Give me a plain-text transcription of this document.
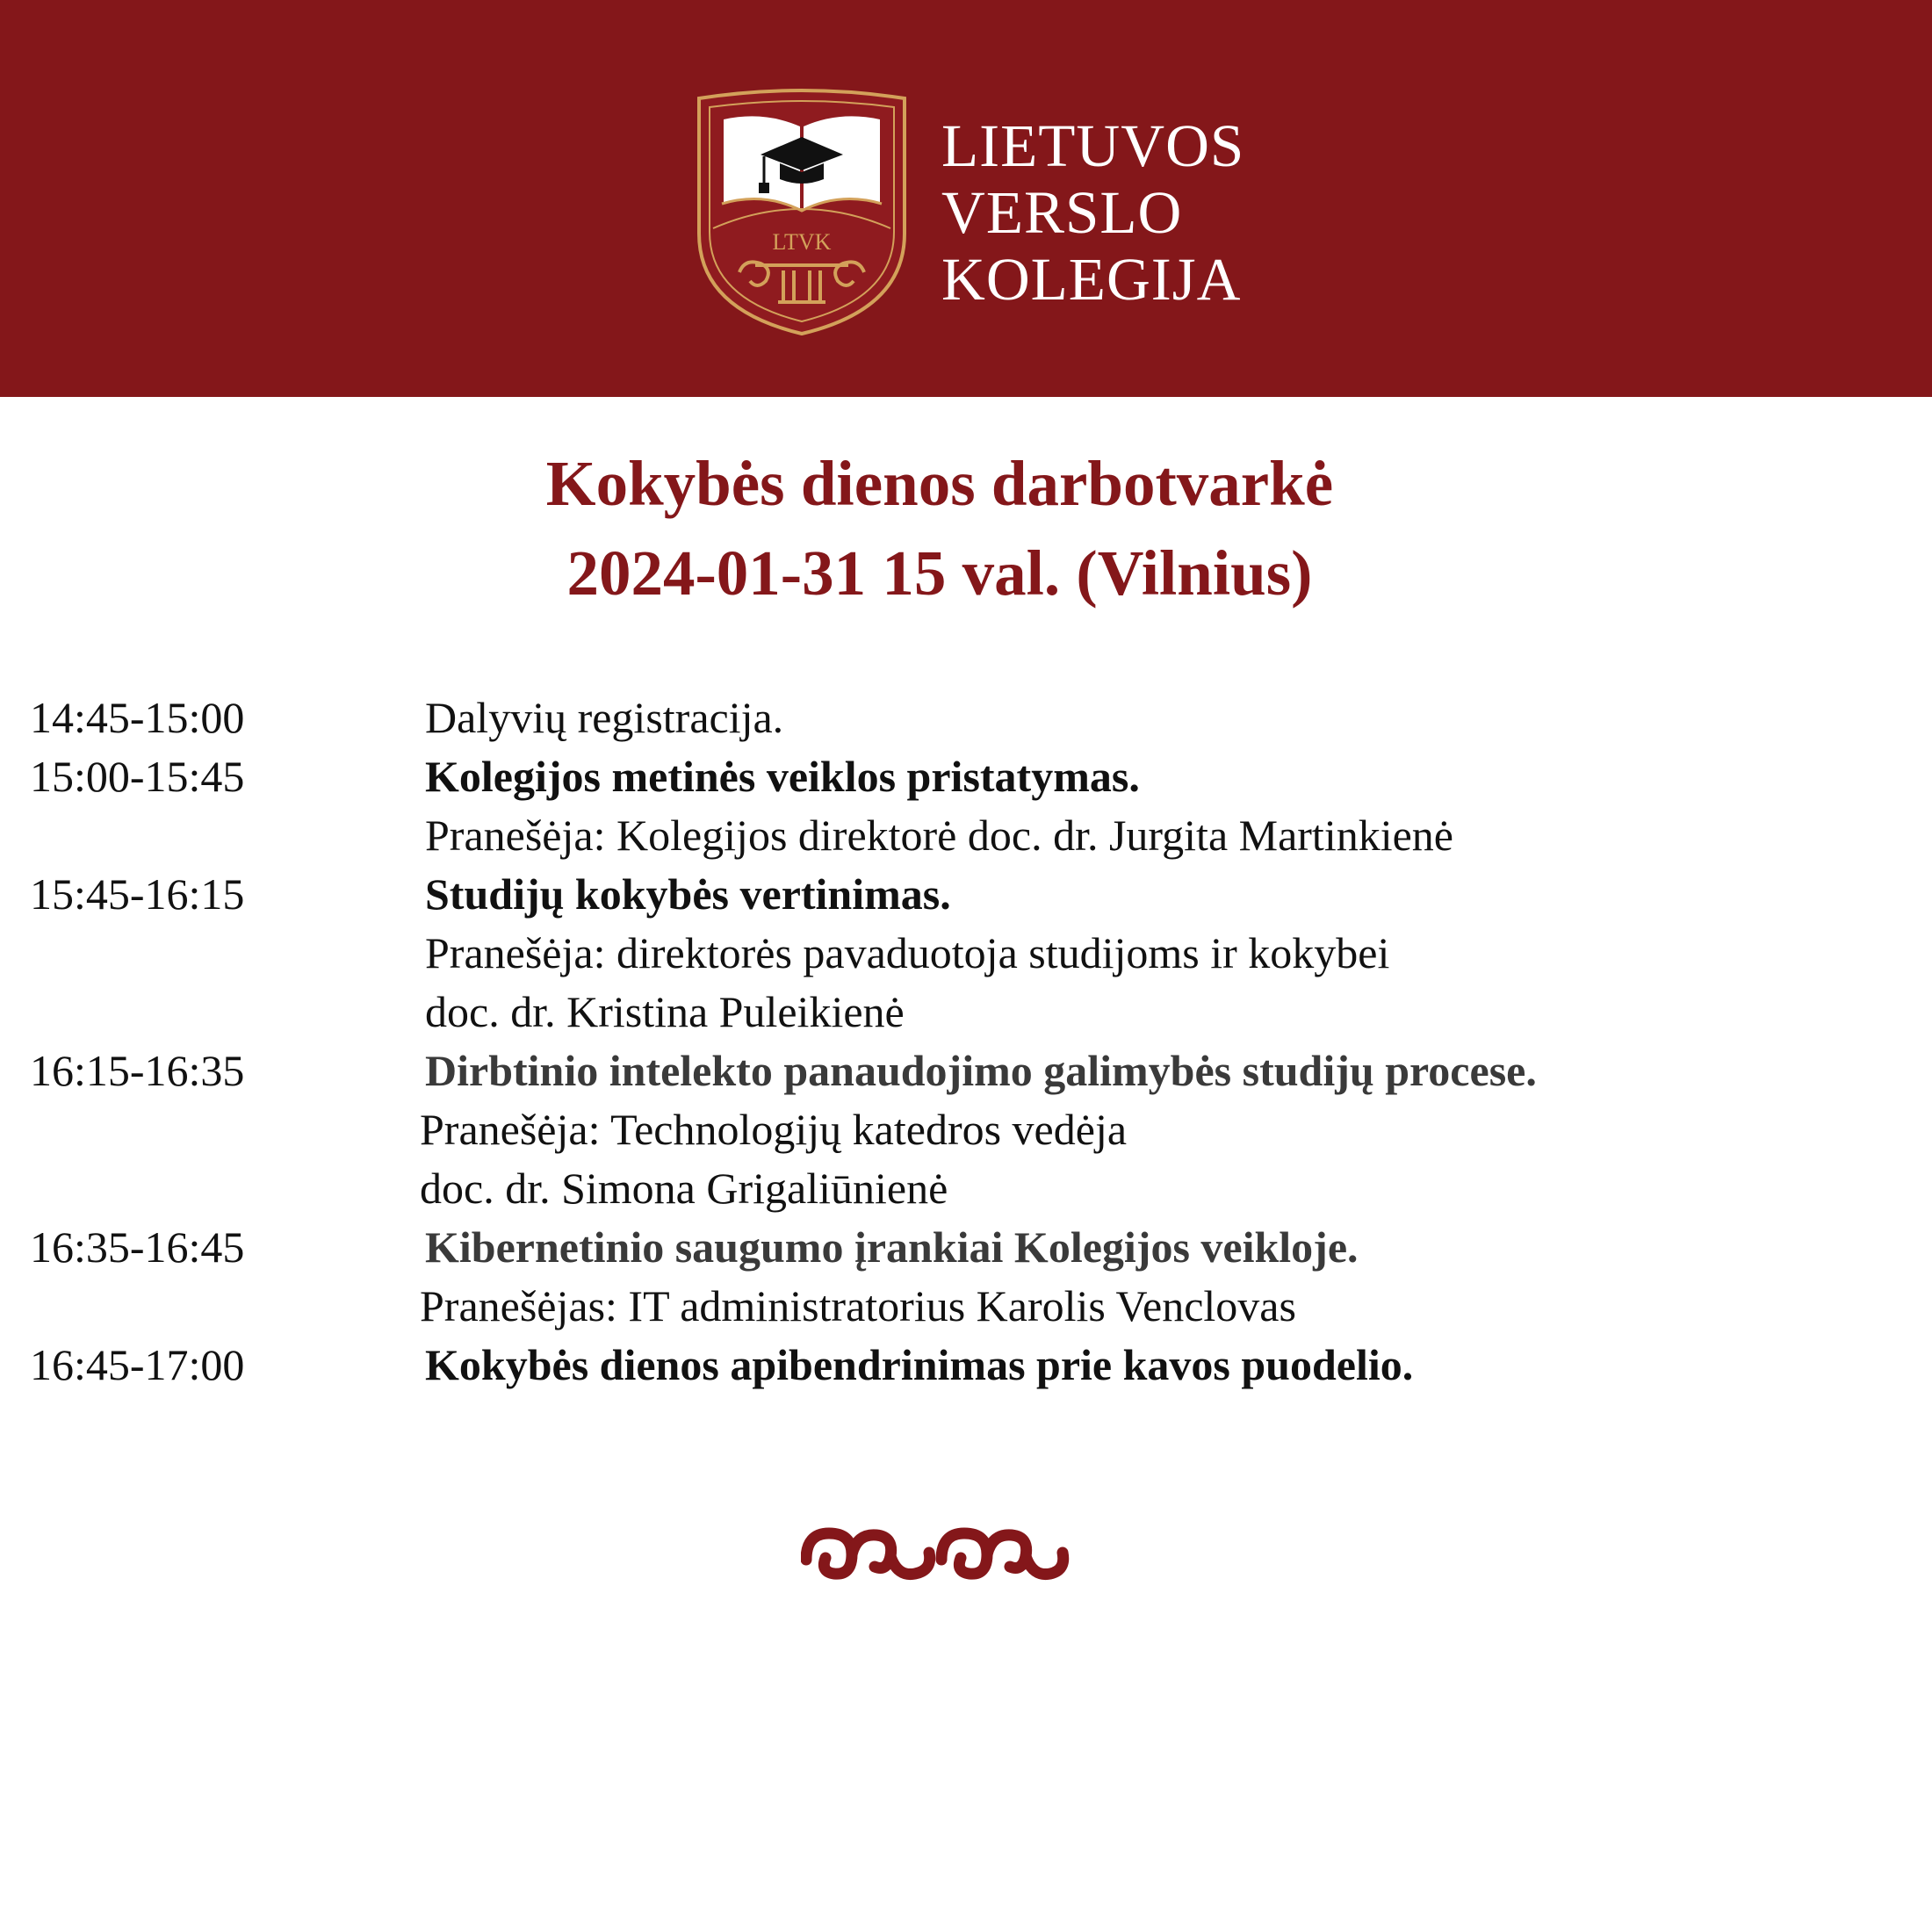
LTVK
LIETUVOS
VERSLO
KOLEGIJA
Kokybės dienos darbotvarkė
2024-01-31 15 val. (Vilnius)
14:45-15:00	Dalyvių registracija.
15:00-15:45	Kolegijos metinės veiklos pristatymas.
Pranešėja: Kolegijos direktorė doc. dr. Jurgita Martinkienė
15:45-16:15	Studijų kokybės vertinimas.
Pranešėja: direktorės pavaduotoja studijoms ir kokybei
doc. dr. Kristina Puleikienė
16:15-16:35	Dirbtinio intelekto panaudojimo galimybės studijų procese.
Pranešėja: Technologijų katedros vedėja
doc. dr. Simona Grigaliūnienė
16:35-16:45	Kibernetinio saugumo įrankiai Kolegijos veikloje.
Pranešėjas: IT administratorius Karolis Venclovas
16:45-17:00	Kokybės dienos apibendrinimas prie kavos puodelio.
